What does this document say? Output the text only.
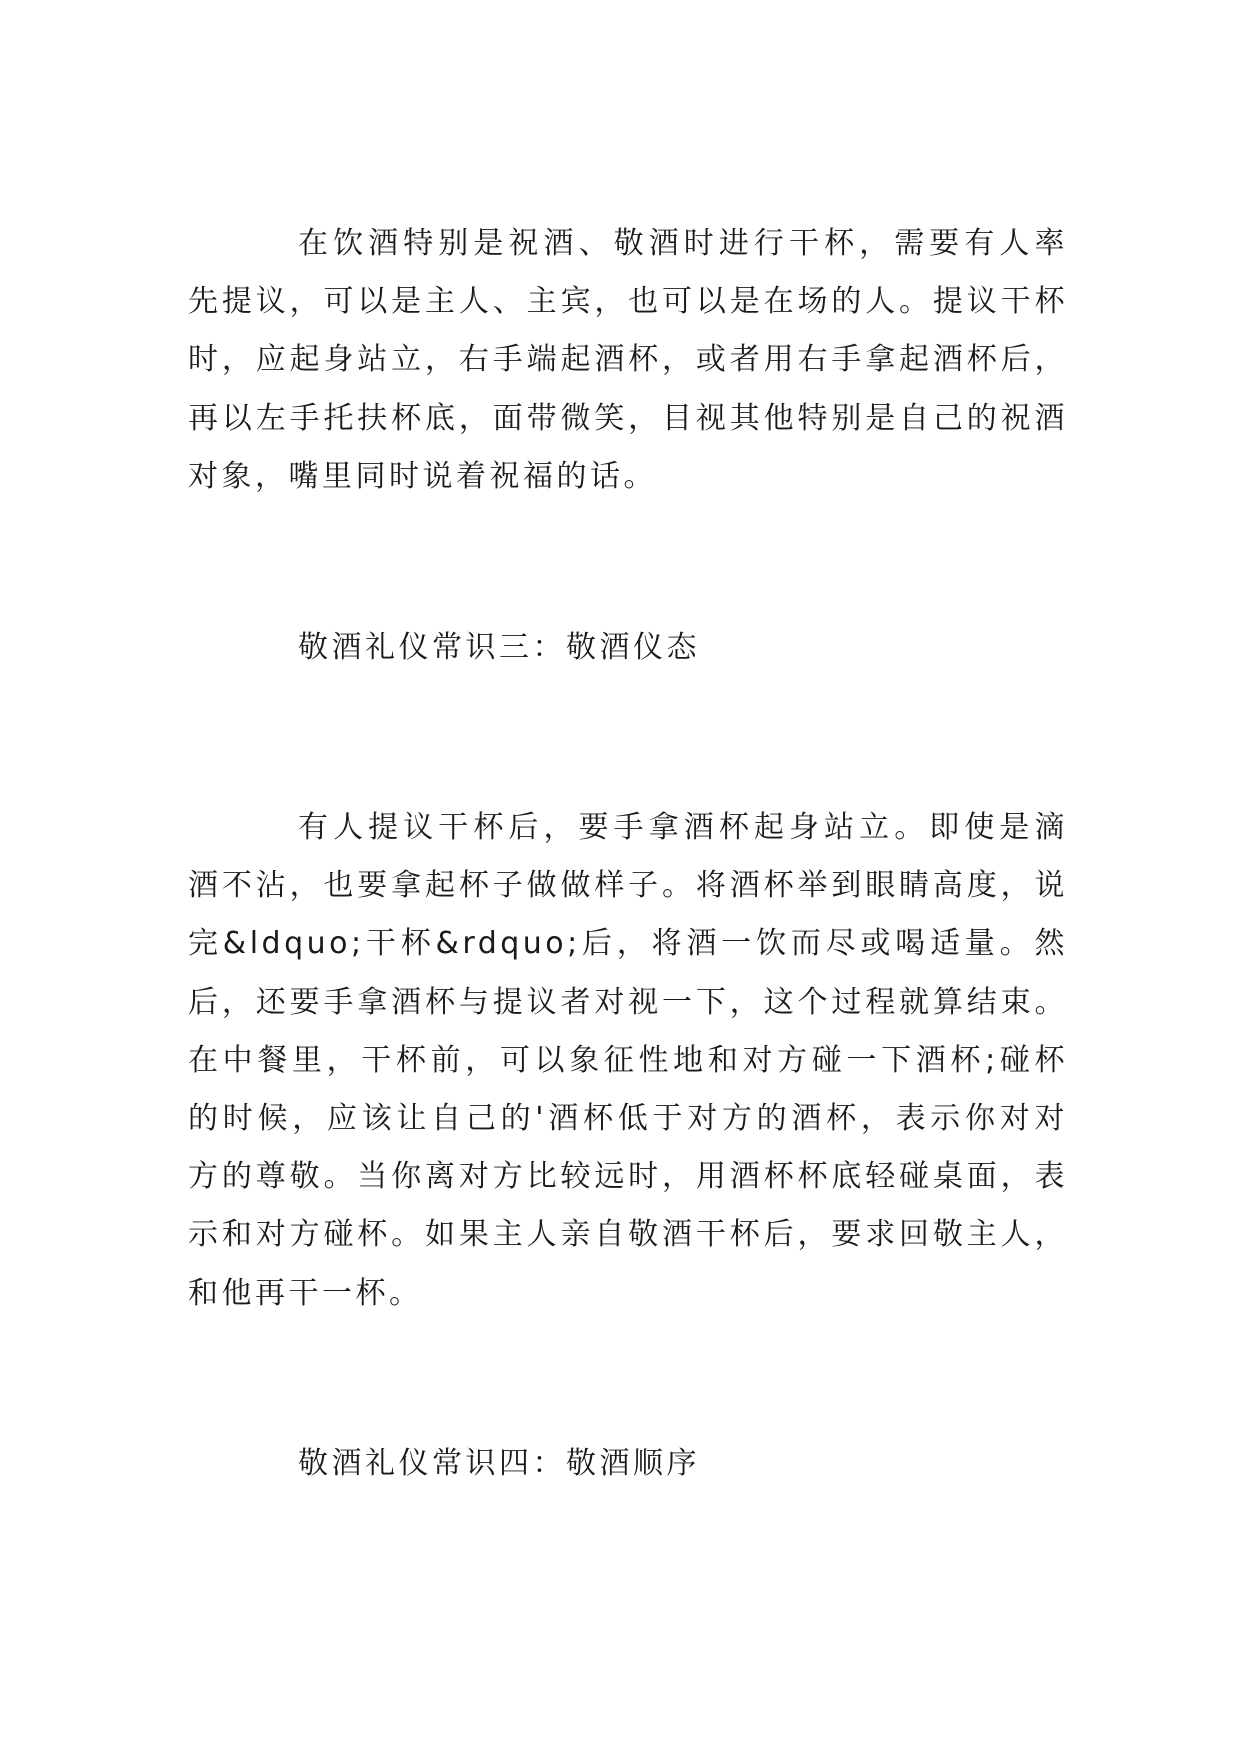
在饮酒特别是祝酒、敬酒时进行干杯，需要有人率先提议，可以是主人、主宾，也可以是在场的人。提议干杯时，应起身站立，右手端起酒杯，或者用右手拿起酒杯后，再以左手托扶杯底，面带微笑，目视其他特别是自己的祝酒对象，嘴里同时说着祝福的话。

敬酒礼仪常识三：敬酒仪态

有人提议干杯后，要手拿酒杯起身站立。即使是滴酒不沾，也要拿起杯子做做样子。将酒杯举到眼睛高度，说完&ldquo;干杯&rdquo;后，将酒一饮而尽或喝适量。然后，还要手拿酒杯与提议者对视一下，这个过程就算结束。在中餐里，干杯前，可以象征性地和对方碰一下酒杯;碰杯的时候，应该让自己的'酒杯低于对方的酒杯，表示你对对方的尊敬。当你离对方比较远时，用酒杯杯底轻碰桌面，表示和对方碰杯。如果主人亲自敬酒干杯后，要求回敬主人，和他再干一杯。

敬酒礼仪常识四：敬酒顺序
